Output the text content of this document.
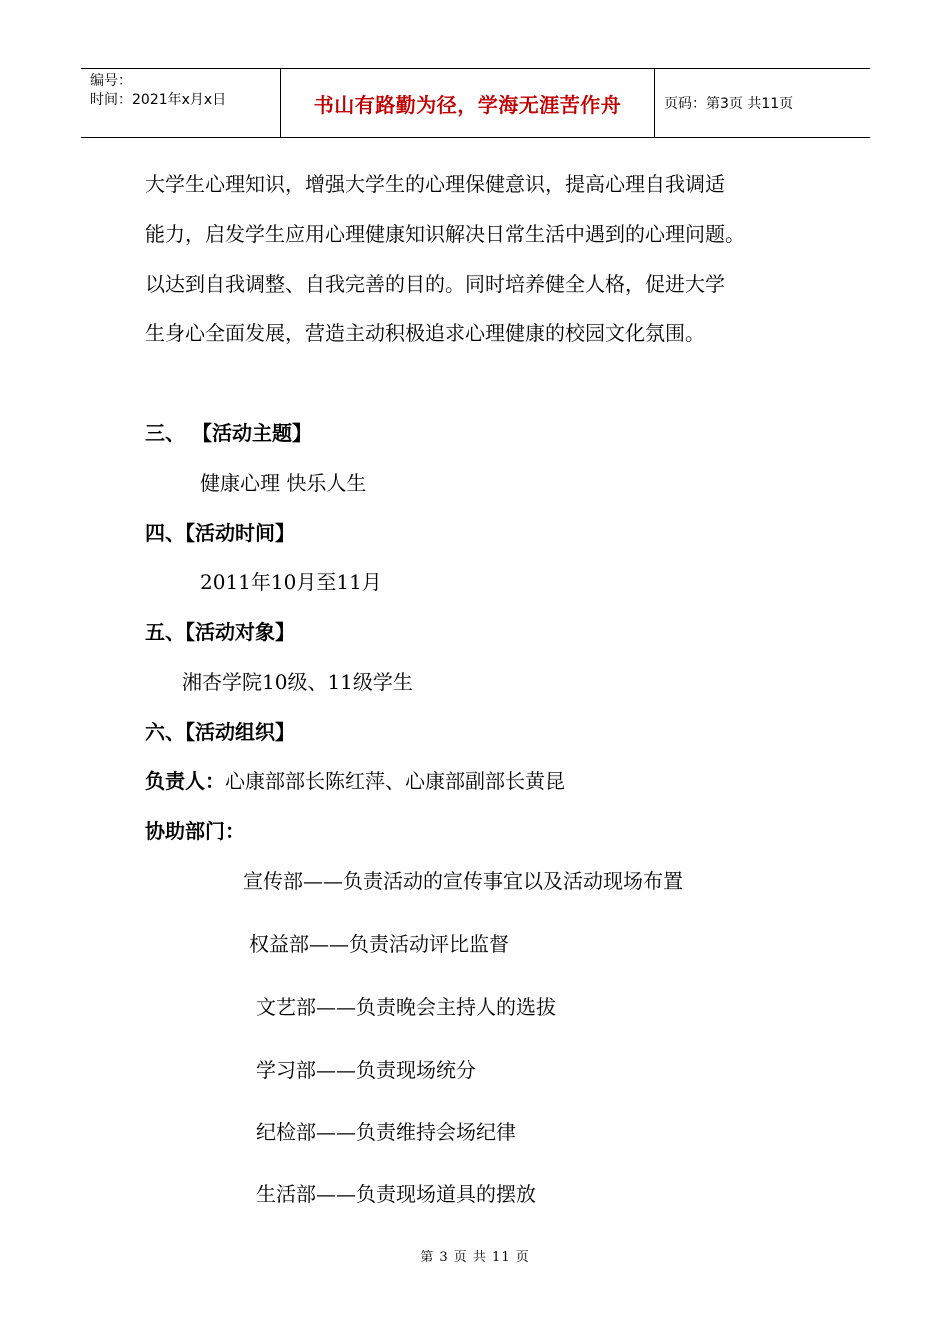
编号：
时间：2021年x月x日	书山有路勤为径，学海无涯苦作舟	页码：第3页 共11页
大学生心理知识，增强大学生的心理保健意识，提高心理自我调适
能力，启发学生应用心理健康知识解决日常生活中遇到的心理问题。
以达到自我调整、自我完善的目的。同时培养健全人格，促进大学
生身心全面发展，营造主动积极追求心理健康的校园文化氛围。
三、 【活动主题】
健康心理 快乐人生
四、【活动时间】
2011年10月至11月
五、【活动对象】
湘杏学院10级、11级学生
六、【活动组织】
负责人：心康部部长陈红萍、心康部副部长黄昆
协助部门：
宣传部——负责活动的宣传事宜以及活动现场布置
权益部——负责活动评比监督
文艺部——负责晚会主持人的选拔
学习部——负责现场统分
纪检部——负责维持会场纪律
生活部——负责现场道具的摆放
第 3 页 共 11 页
